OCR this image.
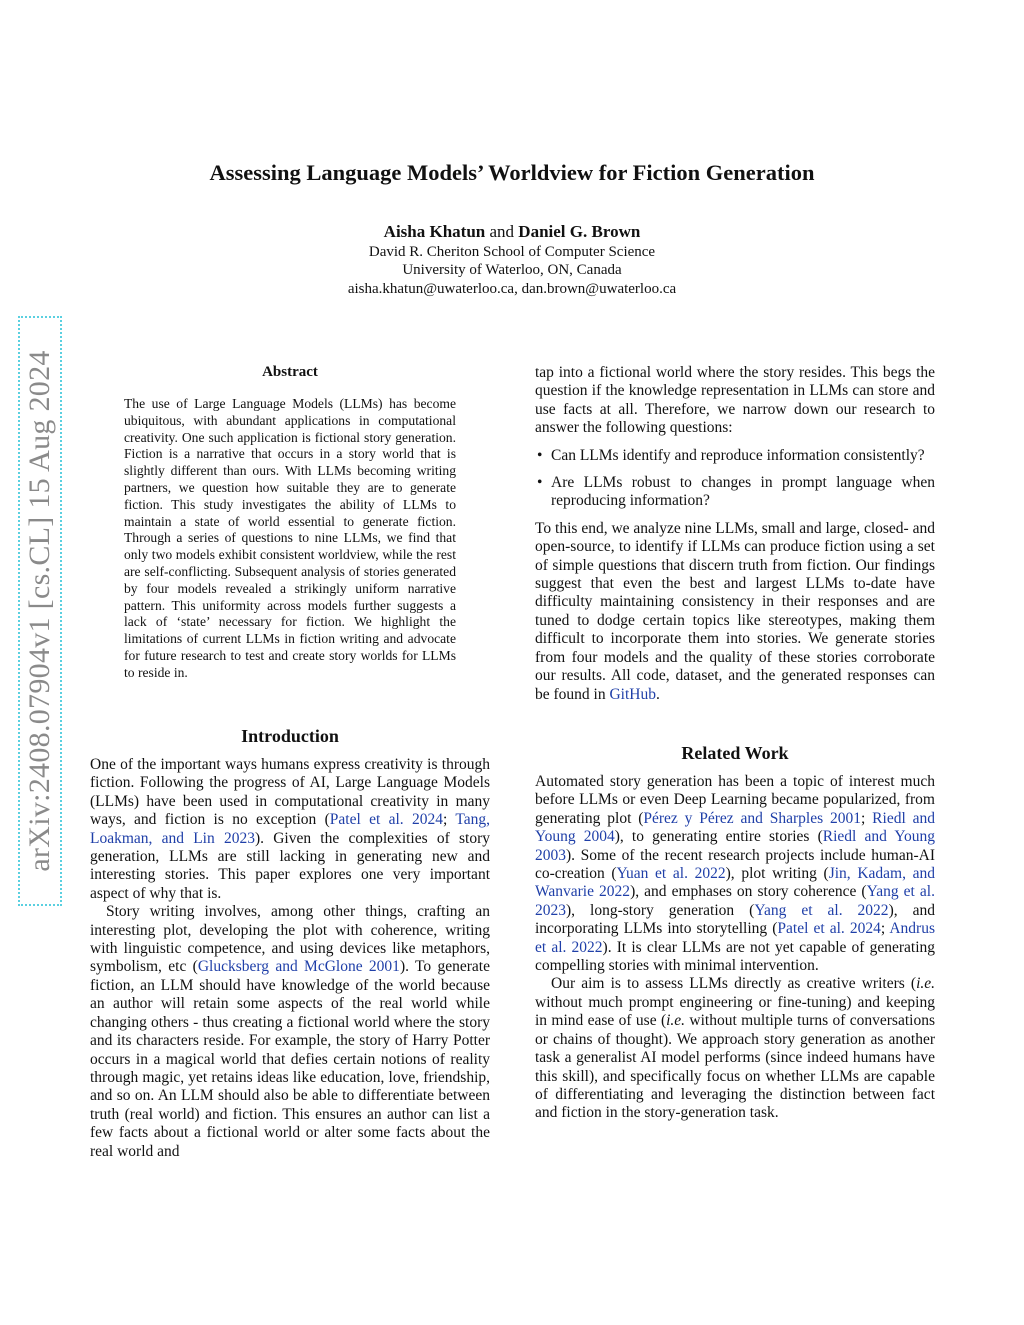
arXiv:2408.07904v1 [cs.CL] 15 Aug 2024
Assessing Language Models’ Worldview for Fiction Generation
Aisha Khatun and Daniel G. Brown
David R. Cheriton School of Computer Science
University of Waterloo, ON, Canada
aisha.khatun@uwaterloo.ca, dan.brown@uwaterloo.ca
Abstract

The use of Large Language Models (LLMs) has become ubiquitous, with abundant applications in computational creativity. One such application is fictional story generation. Fiction is a narrative that occurs in a story world that is slightly different than ours. With LLMs becoming writing partners, we question how suitable they are to generate fiction. This study investigates the ability of LLMs to maintain a state of world essential to generate fiction. Through a series of questions to nine LLMs, we find that only two models exhibit consistent worldview, while the rest are self-conflicting. Subsequent analysis of stories generated by four models revealed a strikingly uniform narrative pattern. This uniformity across models further suggests a lack of ‘state’ necessary for fiction. We highlight the limitations of current LLMs in fiction writing and advocate for future research to test and create story worlds for LLMs to reside in.

Introduction

One of the important ways humans express creativity is through fiction. Following the progress of AI, Large Language Models (LLMs) have been used in computational creativity in many ways, and fiction is no exception (Patel et al. 2024; Tang, Loakman, and Lin 2023). Given the complexities of story generation, LLMs are still lacking in generating new and interesting stories. This paper explores one very important aspect of why that is.

Story writing involves, among other things, crafting an interesting plot, developing the plot with coherence, writing with linguistic competence, and using devices like metaphors, symbolism, etc (Glucksberg and McGlone 2001). To generate fiction, an LLM should have knowledge of the world because an author will retain some aspects of the real world while changing others - thus creating a fictional world where the story and its characters reside. For example, the story of Harry Potter occurs in a magical world that defies certain notions of reality through magic, yet retains ideas like education, love, friendship, and so on. An LLM should also be able to differentiate between truth (real world) and fiction. This ensures an author can list a few facts about a fictional world or alter some facts about the real world and

tap into a fictional world where the story resides. This begs the question if the knowledge representation in LLMs can store and use facts at all. Therefore, we narrow down our research to answer the following questions:

• Can LLMs identify and reproduce information consistently?
• Are LLMs robust to changes in prompt language when reproducing information?

To this end, we analyze nine LLMs, small and large, closed- and open-source, to identify if LLMs can produce fiction using a set of simple questions that discern truth from fiction. Our findings suggest that even the best and largest LLMs to-date have difficulty maintaining consistency in their responses and are tuned to dodge certain topics like stereotypes, making them difficult to incorporate them into stories. We generate stories from four models and the quality of these stories corroborate our results. All code, dataset, and the generated responses can be found in GitHub.

Related Work

Automated story generation has been a topic of interest much before LLMs or even Deep Learning became popularized, from generating plot (Pérez y Pérez and Sharples 2001; Riedl and Young 2004), to generating entire stories (Riedl and Young 2003). Some of the recent research projects include human-AI co-creation (Yuan et al. 2022), plot writing (Jin, Kadam, and Wanvarie 2022), and emphases on story coherence (Yang et al. 2023), long-story generation (Yang et al. 2022), and incorporating LLMs into storytelling (Patel et al. 2024; Andrus et al. 2022). It is clear LLMs are not yet capable of generating compelling stories with minimal intervention.

Our aim is to assess LLMs directly as creative writers (i.e. without much prompt engineering or fine-tuning) and keeping in mind ease of use (i.e. without multiple turns of conversations or chains of thought). We approach story generation as another task a generalist AI model performs (since indeed humans have this skill), and specifically focus on whether LLMs are capable of differentiating and leveraging the distinction between fact and fiction in the story-generation task.
